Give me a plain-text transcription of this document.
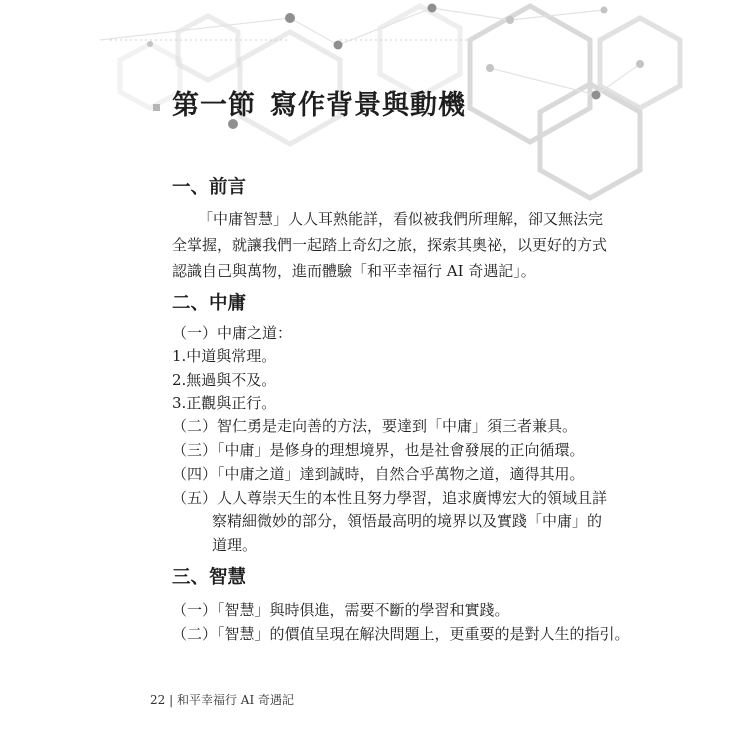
第一節 寫作背景與動機
一、前言

「中庸智慧」人人耳熟能詳，看似被我們所理解，卻又無法完

全掌握，就讓我們一起踏上奇幻之旅，探索其奧祕，以更好的方式

認識自己與萬物，進而體驗「和平幸福行 AI 奇遇記」。

二、中庸

（一）中庸之道：

1.中道與常理。

2.無過與不及。

3.正觀與正行。

（二）智仁勇是走向善的方法，要達到「中庸」須三者兼具。

（三）「中庸」是修身的理想境界，也是社會發展的正向循環。

（四）「中庸之道」達到誠時，自然合乎萬物之道，適得其用。

（五）人人尊崇天生的本性且努力學習，追求廣博宏大的領域且詳

察精細微妙的部分，領悟最高明的境界以及實踐「中庸」的

道理。

三、智慧

（一）「智慧」與時俱進，需要不斷的學習和實踐。

（二）「智慧」的價值呈現在解決問題上，更重要的是對人生的指引。

22 | 和平幸福行 AI 奇遇記
